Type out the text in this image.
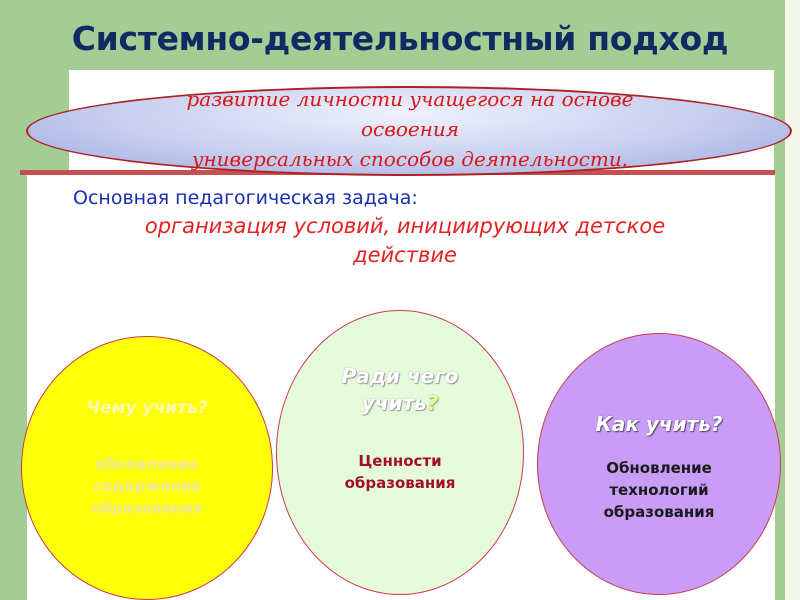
Системно-деятельностный подход
развитие личности учащегося на основе
освоения
универсальных способов деятельности.
Основная педагогическая задача:
организация условий, инициирующих детское
действие
Чему учить?
обновление
содержания
образования
Ради чего
учить?
Ценности
образования
Как учить?
Обновление
технологий
образования
